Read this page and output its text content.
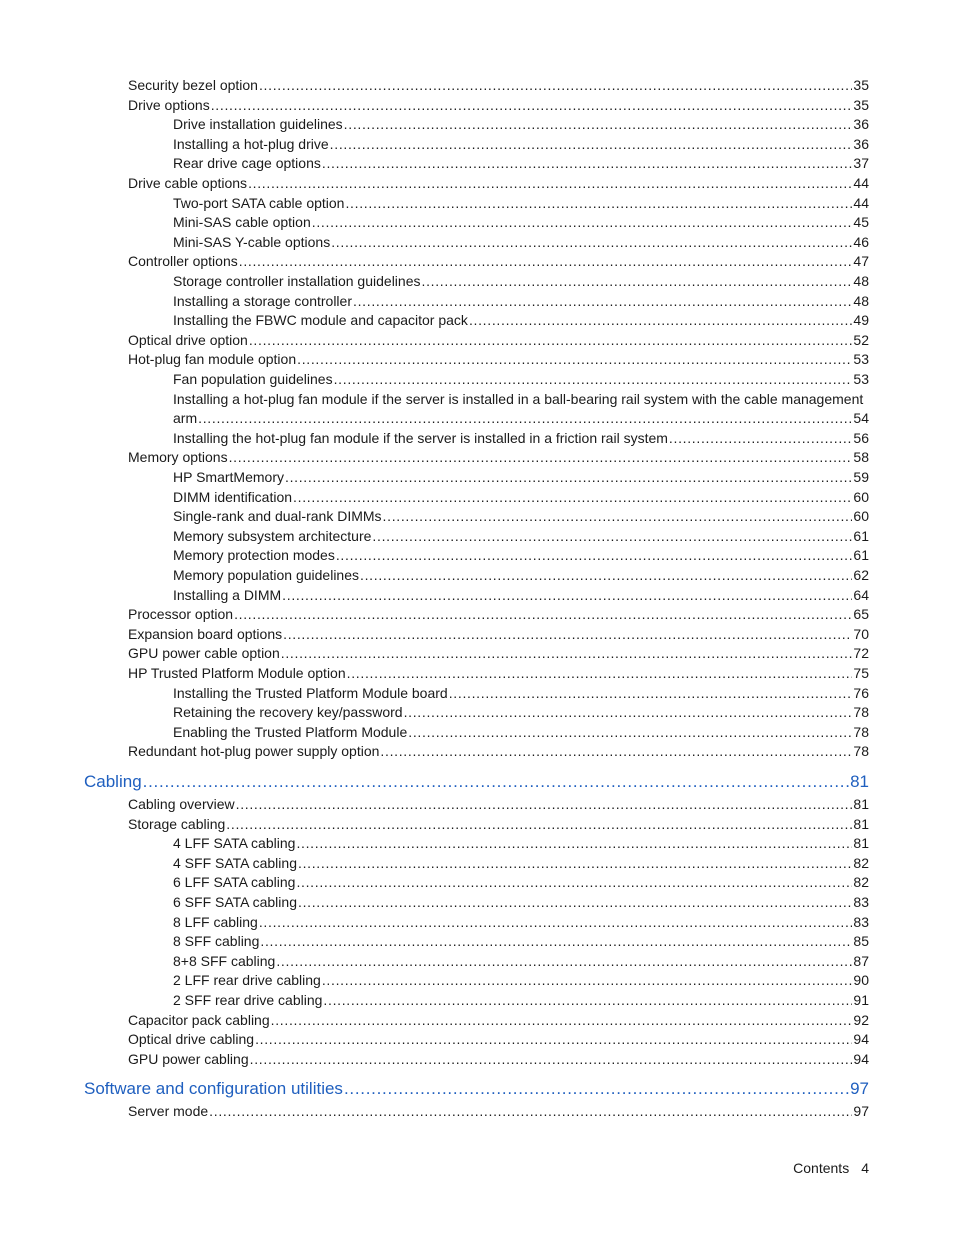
Security bezel option . . .	35
Drive options . . .	35
Drive installation guidelines . . .	36
Installing a hot-plug drive . . .	36
Rear drive cage options . . .	37
Drive cable options . . .	44
Two-port SATA cable option . . .	44
Mini-SAS cable option . . .	45
Mini-SAS Y-cable options . . .	46
Controller options . . .	47
Storage controller installation guidelines . . .	48
Installing a storage controller . . .	48
Installing the FBWC module and capacitor pack . . .	49
Optical drive option . . .	52
Hot-plug fan module option . . .	53
Fan population guidelines . . .	53
Installing a hot-plug fan module if the server is installed in a ball-bearing rail system with the cable management
arm . . .	54
Installing the hot-plug fan module if the server is installed in a friction rail system . . .	56
Memory options . . .	58
HP SmartMemory . . .	59
DIMM identification . . .	60
Single-rank and dual-rank DIMMs . . .	60
Memory subsystem architecture . . .	61
Memory protection modes . . .	61
Memory population guidelines . . .	62
Installing a DIMM . . .	64
Processor option . . .	65
Expansion board options . . .	70
GPU power cable option . . .	72
HP Trusted Platform Module option . . .	75
Installing the Trusted Platform Module board . . .	76
Retaining the recovery key/password . . .	78
Enabling the Trusted Platform Module . . .	78
Redundant hot-plug power supply option . . .	78
Cabling . . .	81
Cabling overview . . .	81
Storage cabling . . .	81
4 LFF SATA cabling . . .	81
4 SFF SATA cabling . . .	82
6 LFF SATA cabling . . .	82
6 SFF SATA cabling . . .	83
8 LFF cabling . . .	83
8 SFF cabling . . .	85
8+8 SFF cabling . . .	87
2 LFF rear drive cabling . . .	90
2 SFF rear drive cabling . . .	91
Capacitor pack cabling . . .	92
Optical drive cabling . . .	94
GPU power cabling . . .	94
Software and configuration utilities . . .	97
Server mode . . .	97
Contents 4
